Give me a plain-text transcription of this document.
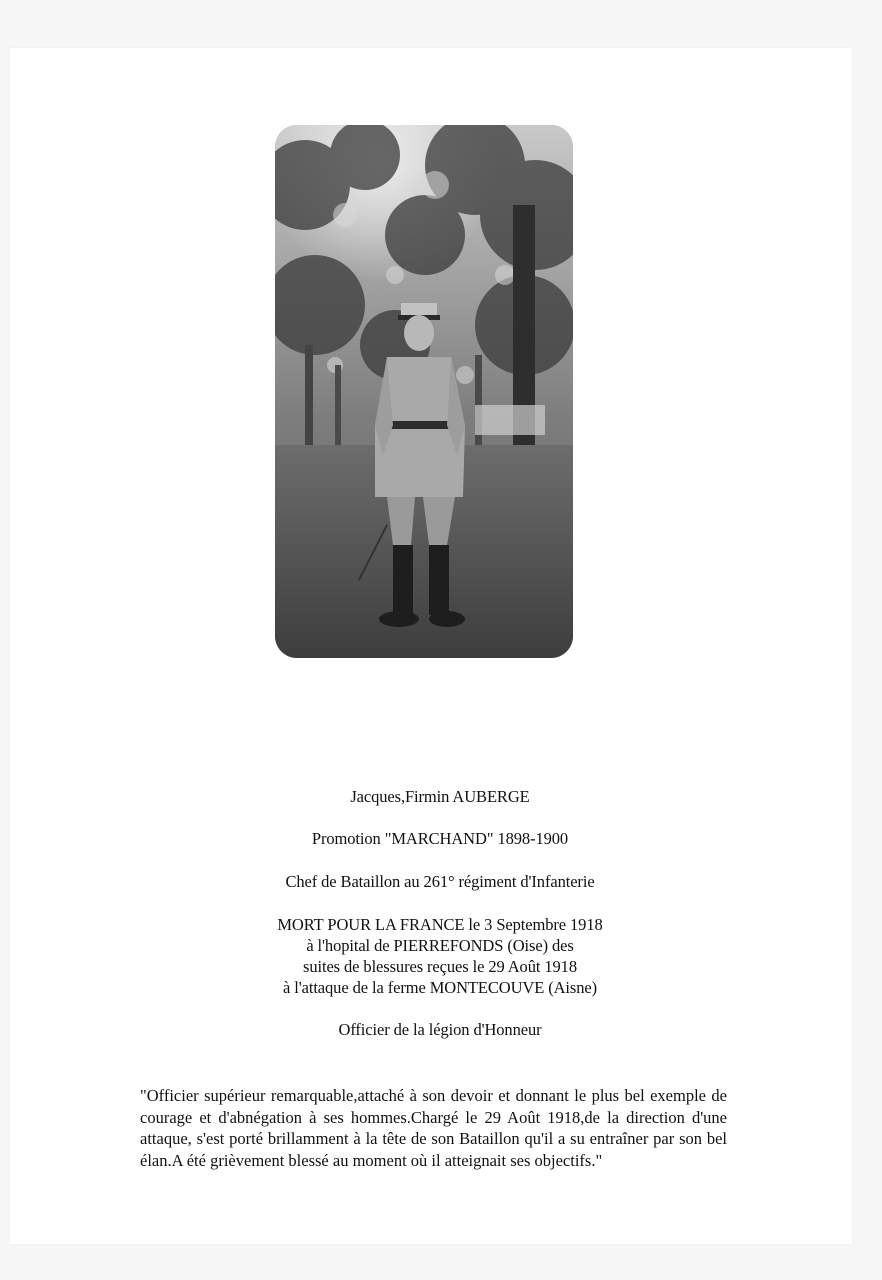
Jacques,Firmin AUBERGE
Promotion "MARCHAND" 1898-1900
Chef de Bataillon au 261° régiment d'Infanterie
MORT POUR LA FRANCE le 3 Septembre 1918
à l'hopital de PIERREFONDS (Oise) des
suites de blessures reçues le 29 Août 1918
à l'attaque de la ferme MONTECOUVE (Aisne)
Officier de la légion d'Honneur

"Officier supérieur remarquable,attaché à son devoir et donnant le plus bel exemple de courage et d'abnégation à ses hommes.Chargé le 29 Août 1918,de la direction d'une attaque, s'est porté brillamment à la tête de son Bataillon qu'il a su entraîner par son bel élan.A été grièvement blessé au moment où il atteignait ses objectifs."
